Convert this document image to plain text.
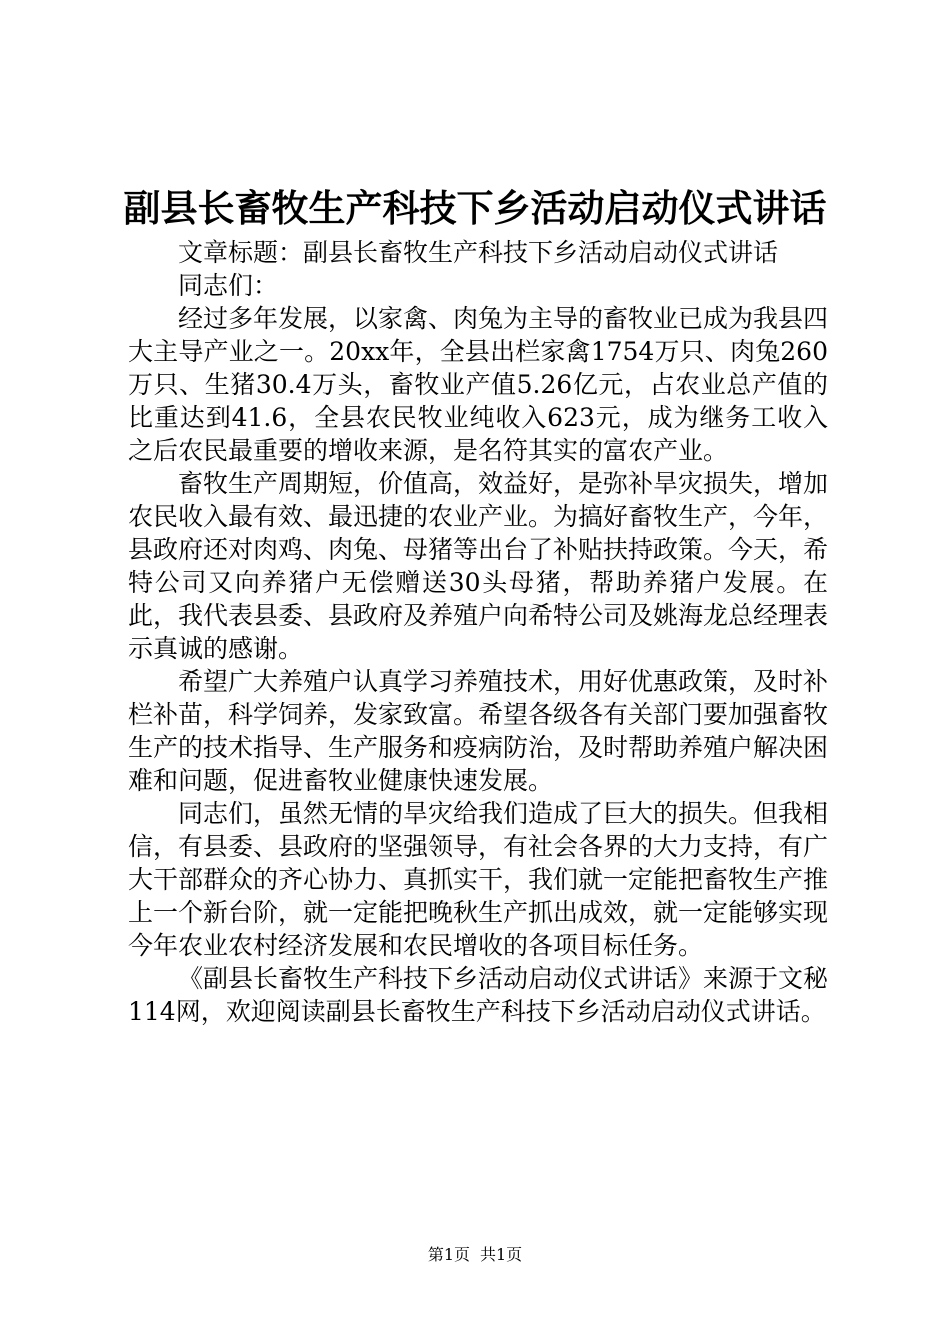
副县长畜牧生产科技下乡活动启动仪式讲话

文章标题：副县长畜牧生产科技下乡活动启动仪式讲话

同志们：

经过多年发展，以家禽、肉兔为主导的畜牧业已成为我县四大主导产业之一。20xx年，全县出栏家禽1754万只、肉兔260万只、生猪30.4万头，畜牧业产值5.26亿元，占农业总产值的比重达到41.6，全县农民牧业纯收入623元，成为继务工收入之后农民最重要的增收来源，是名符其实的富农产业。

畜牧生产周期短，价值高，效益好，是弥补旱灾损失，增加农民收入最有效、最迅捷的农业产业。为搞好畜牧生产，今年，县政府还对肉鸡、肉兔、母猪等出台了补贴扶持政策。今天，希特公司又向养猪户无偿赠送30头母猪，帮助养猪户发展。在此，我代表县委、县政府及养殖户向希特公司及姚海龙总经理表示真诚的感谢。

希望广大养殖户认真学习养殖技术，用好优惠政策，及时补栏补苗，科学饲养，发家致富。希望各级各有关部门要加强畜牧生产的技术指导、生产服务和疫病防治，及时帮助养殖户解决困难和问题，促进畜牧业健康快速发展。

同志们，虽然无情的旱灾给我们造成了巨大的损失。但我相信，有县委、县政府的坚强领导，有社会各界的大力支持，有广大干部群众的齐心协力、真抓实干，我们就一定能把畜牧生产推上一个新台阶，就一定能把晚秋生产抓出成效，就一定能够实现今年农业农村经济发展和农民增收的各项目标任务。

《副县长畜牧生产科技下乡活动启动仪式讲话》来源于文秘114网，欢迎阅读副县长畜牧生产科技下乡活动启动仪式讲话。

第1页 共1页
